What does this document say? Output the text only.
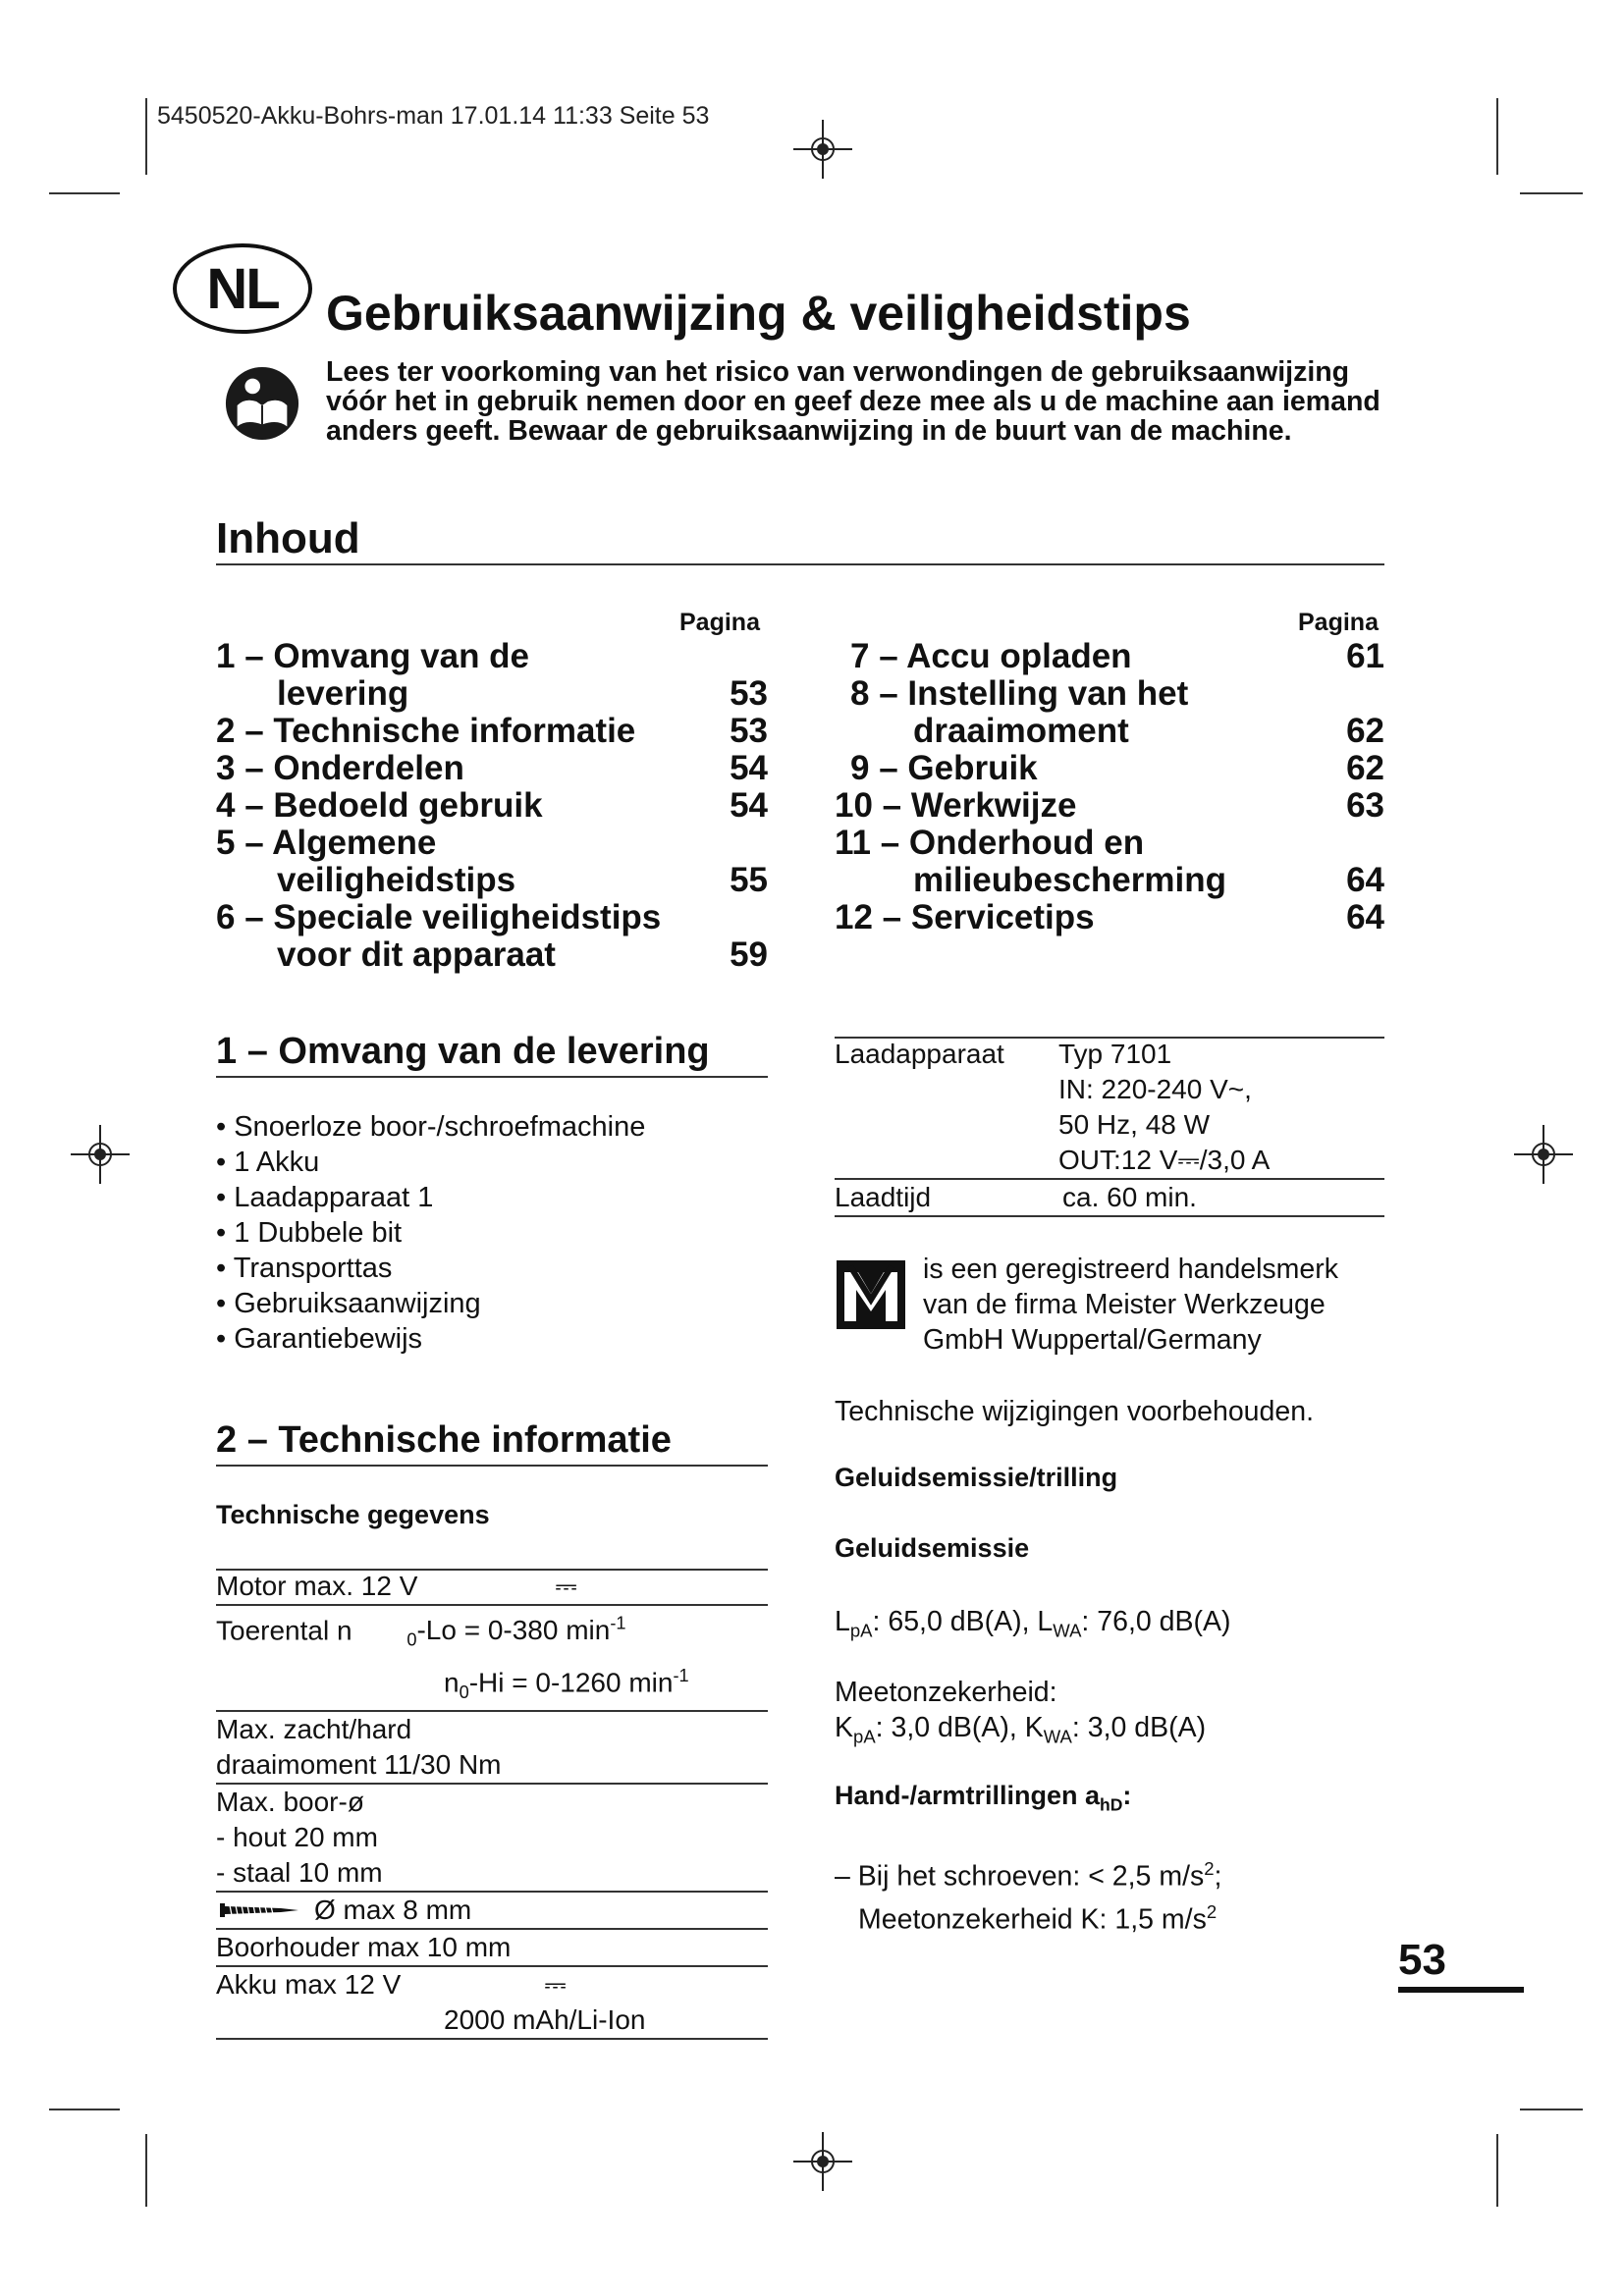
5450520-Akku-Bohrs-man 17.01.14 11:33 Seite 53
NL Gebruiksaanwijzing & veiligheidstips
Lees ter voorkoming van het risico van verwondingen de gebruiksaanwijzing vóór het in gebruik nemen door en geef deze mee als u de machine aan iemand anders geeft. Bewaar de gebruiksaanwijzing in de buurt van de machine.
Inhoud
Pagina	Pagina
1 – Omvang van de
levering	53
2 – Technische informatie	53
3 – Onderdelen	54
4 – Bedoeld gebruik	54
5 – Algemene
veiligheidstips	55
6 – Speciale veiligheidstips
voor dit apparaat	59
7 – Accu opladen	61
8 – Instelling van het
draaimoment	62
9 – Gebruik	62
10 – Werkwijze	63
11 – Onderhoud en
milieubescherming	64
12 – Servicetips	64
1 – Omvang van de levering
• Snoerloze boor-/schroefmachine
• 1 Akku
• Laadapparaat 1
• 1 Dubbele bit
• Transporttas
• Gebruiksaanwijzing
• Garantiebewijs
2 – Technische informatie
Technische gegevens
Motor max. 12 V	⎓
Toerental n	$_0$-Lo = 0-380 $\min^{-1}$
$n_0-Hi = 0-1260$ $\min^{-1}$
Max. zacht/hard
draaimoment 11/30 Nm
Max. boor-ø
- hout 20 mm
- staal 10 mm
Ø max 8 mm
Boorhouder max 10 mm
Akku max 12 V	⎓
2000 mAh/Li-Ion
Laadapparaat	Typ 7101
IN: 220-240 V~,
50 Hz, 48 W
OUT:12 V⎓/3,0 A
Laadtijd	ca. 60 min.
is een geregistreerd handelsmerk
van de firma Meister Werkzeuge
GmbH Wuppertal/Germany
Technische wijzigingen voorbehouden.
Geluidsemissie/trilling
Geluidsemissie
$L_{pA}$: 65,0 dB(A), $L_{WA}$: 76,0 dB(A)
Meetonzekerheid:
$K_{pA}$: 3,0 dB(A), $K_{WA}$: 3,0 dB(A)
Hand-/armtrillingen $a_{hD}$:
– Bij het schroeven: < 2,5 $m/s^2$;
Meetonzekerheid K: 1,5 $m/s^2$
53
